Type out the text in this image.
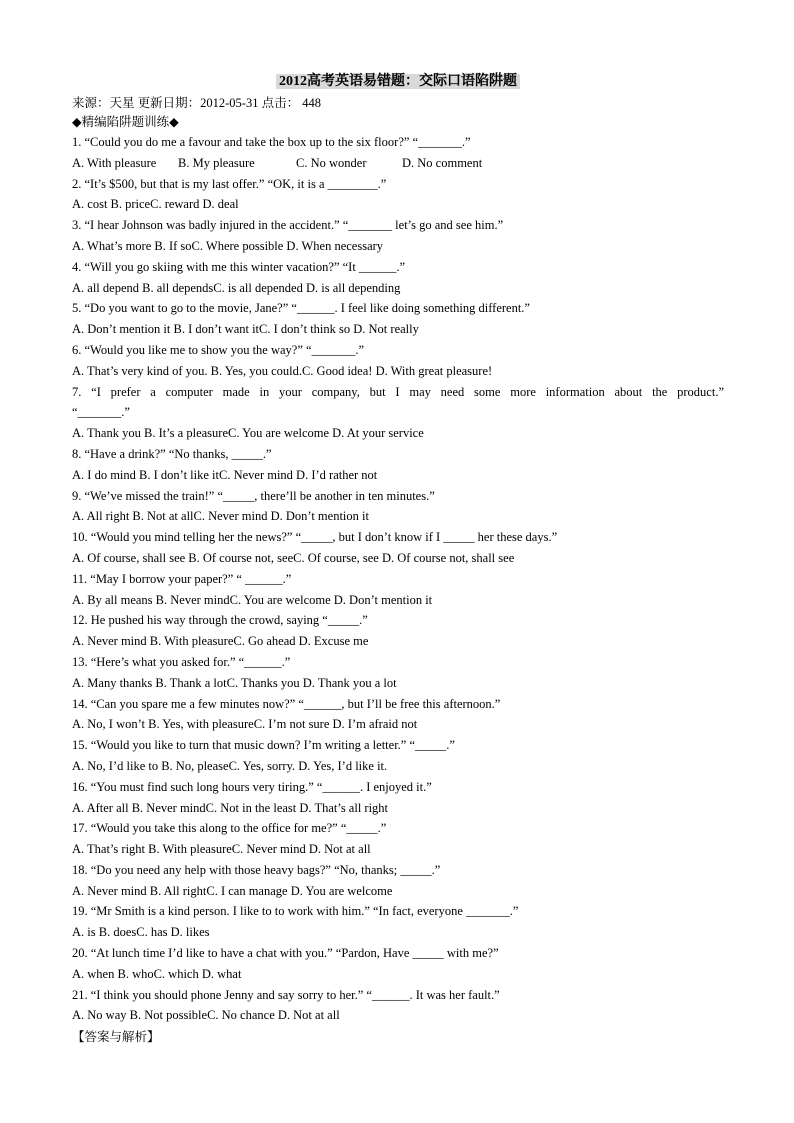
2012高考英语易错题：交际口语陷阱题
来源：天星 更新日期：2012-05-31 点击： 448
◆精编陷阱题训练◆
1. “Could you do me a favour and take the box up to the six floor?” “_______.”
A. With pleasure B. My pleasure	C. No wonder	D. No comment
2. “It’s $500, but that is my last offer.” “OK, it is a ________.”
A. cost B. priceC. reward D. deal
3. “I hear Johnson was badly injured in the accident.” “_______ let’s go and see him.”
A. What’s more B. If soC. Where possible D. When necessary
4. “Will you go skiing with me this winter vacation?” “It ______.”
A. all depend B. all dependsC. is all depended D. is all depending
5. “Do you want to go to the movie, Jane?” “______. I feel like doing something different.”
A. Don’t mention it B. I don’t want itC. I don’t think so D. Not really
6. “Would you like me to show you the way?” “_______.”
A. That’s very kind of you. B. Yes, you could.C. Good idea! D. With great pleasure!
7. “I prefer a computer made in your company, but I may need some more information about the product.”
“_______.”
A. Thank you B. It’s a pleasureC. You are welcome D. At your service
8. “Have a drink?” “No thanks, _____.”
A. I do mind B. I don’t like itC. Never mind D. I’d rather not
9. “We’ve missed the train!” “_____, there’ll be another in ten minutes.”
A. All right B. Not at allC. Never mind D. Don’t mention it
10. “Would you mind telling her the news?” “_____, but I don’t know if I _____ her these days.”
A. Of course, shall see B. Of course not, seeC. Of course, see D. Of course not, shall see
11. “May I borrow your paper?” “ ______.”
A. By all means B. Never mindC. You are welcome D. Don’t mention it
12. He pushed his way through the crowd, saying “_____.”
A. Never mind B. With pleasureC. Go ahead D. Excuse me
13. “Here’s what you asked for.” “______.”
A. Many thanks B. Thank a lotC. Thanks you D. Thank you a lot
14. “Can you spare me a few minutes now?” “______, but I’ll be free this afternoon.”
A. No, I won’t B. Yes, with pleasureC. I’m not sure D. I’m afraid not
15. “Would you like to turn that music down? I’m writing a letter.” “_____.”
A. No, I’d like to B. No, pleaseC. Yes, sorry. D. Yes, I’d like it.
16. “You must find such long hours very tiring.” “______. I enjoyed it.”
A. After all B. Never mindC. Not in the least D. That’s all right
17. “Would you take this along to the office for me?” “_____.”
A. That’s right B. With pleasureC. Never mind D. Not at all
18. “Do you need any help with those heavy bags?” “No, thanks; _____.”
A. Never mind B. All rightC. I can manage D. You are welcome
19. “Mr Smith is a kind person. I like to to work with him.” “In fact, everyone _______.”
A. is B. doesC. has D. likes
20. “At lunch time I’d like to have a chat with you.” “Pardon, Have _____ with me?”
A. when B. whoC. which D. what
21. “I think you should phone Jenny and say sorry to her.” “______. It was her fault.”
A. No way B. Not possibleC. No chance D. Not at all
【答案与解析】
